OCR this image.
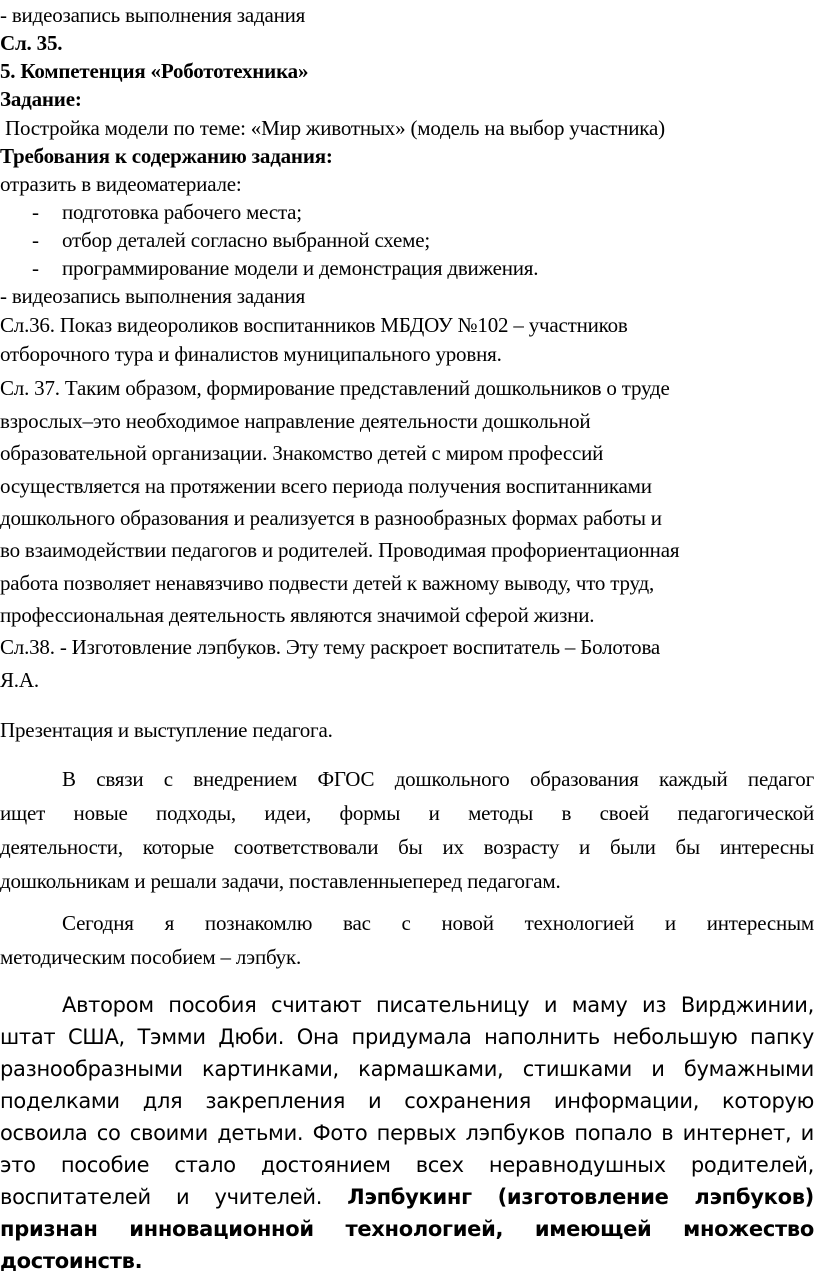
- видеозапись выполнения задания
Сл. 35.
5. Компетенция «Робототехника»
Задание:
Постройка модели по теме: «Мир животных» (модель на выбор участника)
Требования к содержанию задания:
отразить в видеоматериале:
- подготовка рабочего места;
- отбор деталей согласно выбранной схеме;
- программирование модели и демонстрация движения.
- видеозапись выполнения задания
Сл.36. Показ видеороликов воспитанников МБДОУ №102 – участников
отборочного тура и финалистов муниципального уровня.
Сл. 37. Таким образом, формирование представлений дошкольников о труде
взрослых–это необходимое направление деятельности дошкольной
образовательной организации. Знакомство детей с миром профессий
осуществляется на протяжении всего периода получения воспитанниками
дошкольного образования и реализуется в разнообразных формах работы и
во взаимодействии педагогов и родителей. Проводимая профориентационная
работа позволяет ненавязчиво подвести детей к важному выводу, что труд,
профессиональная деятельность являются значимой сферой жизни.
Сл.38. - Изготовление лэпбуков. Эту тему раскроет воспитатель – Болотова
Я.А.
Презентация и выступление педагога.
В связи с внедрением ФГОС дошкольного образования каждый педагог
ищет новые подходы, идеи, формы и методы в своей педагогической
деятельности, которые соответствовали бы их возрасту и были бы интересны
дошкольникам и решали задачи, поставленныеперед педагогам.
Сегодня я познакомлю вас с новой технологией и интересным
методическим пособием – лэпбук.
Автором пособия считают писательницу и маму из Вирджинии,
штат США, Тэмми Дюби. Она придумала наполнить небольшую папку
разнообразными картинками, кармашками, стишками и бумажными
поделками для закрепления и сохранения информации, которую
освоила со своими детьми. Фото первых лэпбуков попало в интернет, и
это пособие стало достоянием всех неравнодушных родителей,
воспитателей и учителей. Лэпбукинг (изготовление лэпбуков)
признан инновационной технологией, имеющей множество
достоинств.
